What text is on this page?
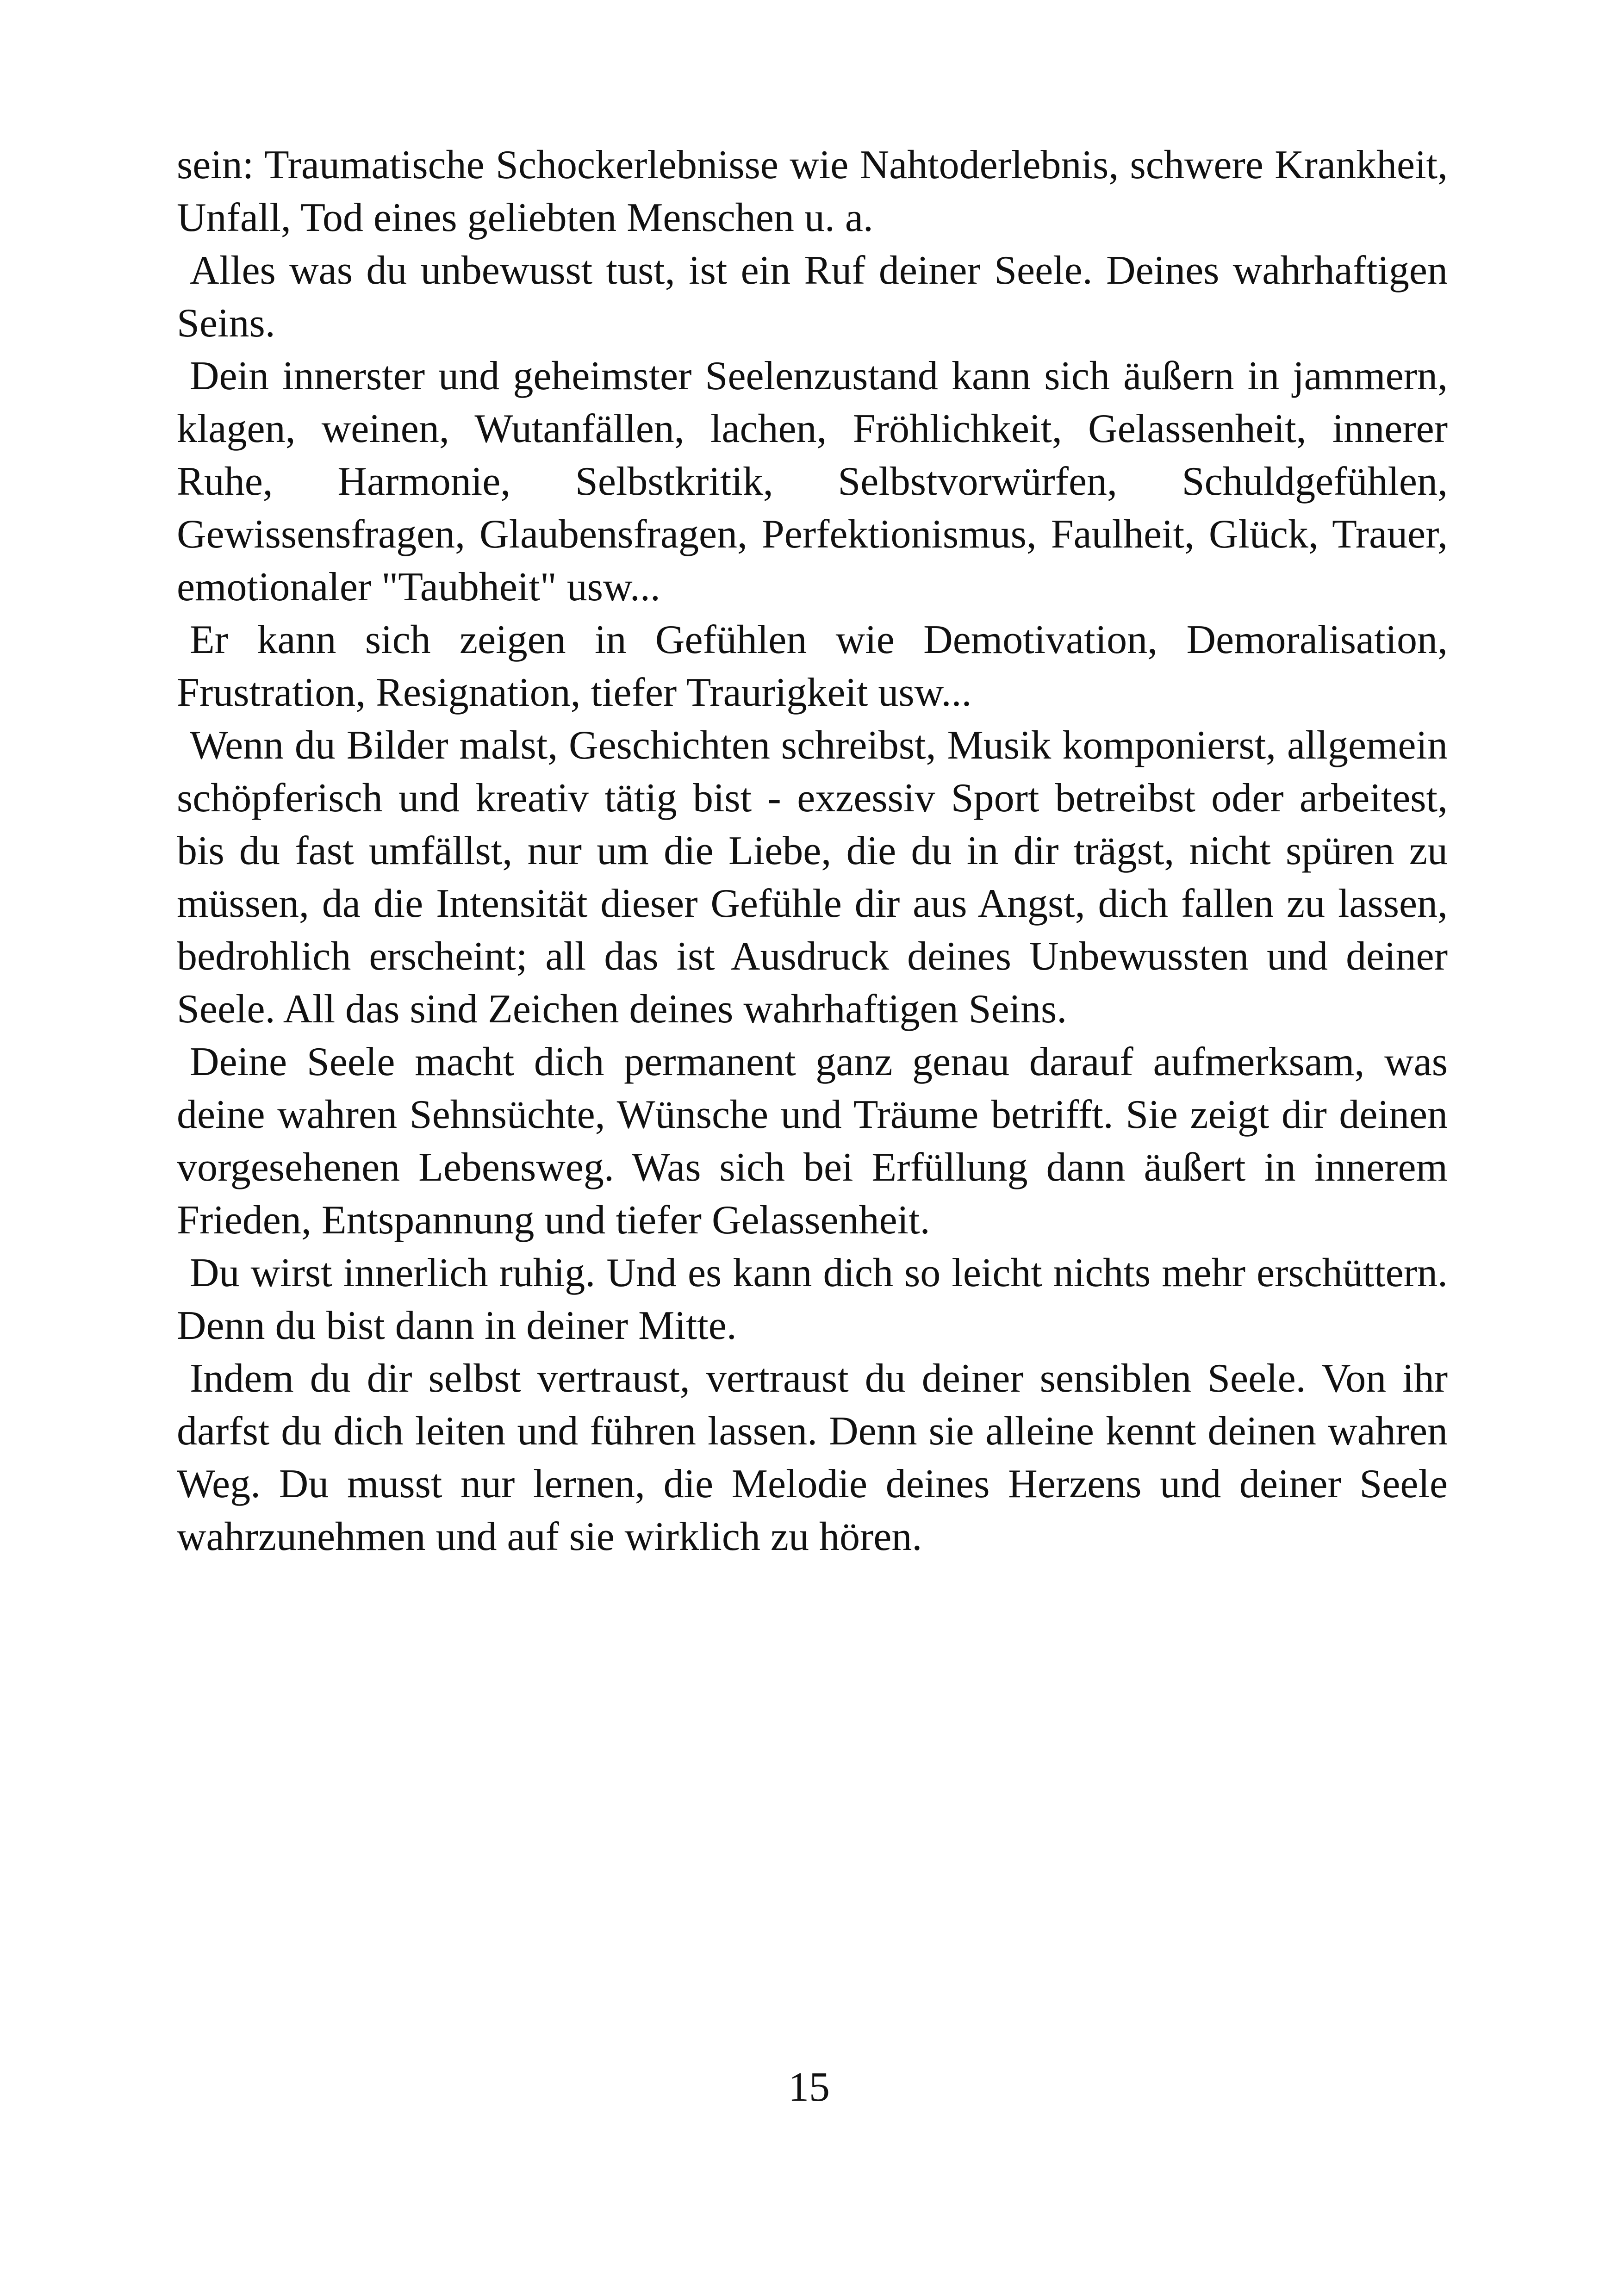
sein: Traumatische Schockerlebnisse wie Nahtoderlebnis, schwere Krankheit, Unfall, Tod eines geliebten Menschen u. a.

Alles was du unbewusst tust, ist ein Ruf deiner Seele. Deines wahrhaftigen Seins.

Dein innerster und geheimster Seelenzustand kann sich äußern in jammern, klagen, weinen, Wutanfällen, lachen, Fröhlichkeit, Gelassenheit, innerer Ruhe, Harmonie, Selbstkritik, Selbstvorwürfen, Schuldgefühlen, Gewissensfragen, Glaubensfragen, Perfektionismus, Faulheit, Glück, Trauer, emotionaler "Taubheit" usw...

Er kann sich zeigen in Gefühlen wie Demotivation, Demoralisation, Frustration, Resignation, tiefer Traurigkeit usw...

Wenn du Bilder malst, Geschichten schreibst, Musik komponierst, allgemein schöpferisch und kreativ tätig bist - exzessiv Sport betreibst oder arbeitest, bis du fast umfällst, nur um die Liebe, die du in dir trägst, nicht spüren zu müssen, da die Intensität dieser Gefühle dir aus Angst, dich fallen zu lassen, bedrohlich erscheint; all das ist Ausdruck deines Unbewussten und deiner Seele. All das sind Zeichen deines wahrhaftigen Seins.

Deine Seele macht dich permanent ganz genau darauf aufmerksam, was deine wahren Sehnsüchte, Wünsche und Träume betrifft. Sie zeigt dir deinen vorgesehenen Lebensweg. Was sich bei Erfüllung dann äußert in innerem Frieden, Entspannung und tiefer Gelassenheit.

Du wirst innerlich ruhig. Und es kann dich so leicht nichts mehr erschüttern. Denn du bist dann in deiner Mitte.

Indem du dir selbst vertraust, vertraust du deiner sensiblen Seele. Von ihr darfst du dich leiten und führen lassen. Denn sie alleine kennt deinen wahren Weg. Du musst nur lernen, die Melodie deines Herzens und deiner Seele wahrzunehmen und auf sie wirklich zu hören.

15
